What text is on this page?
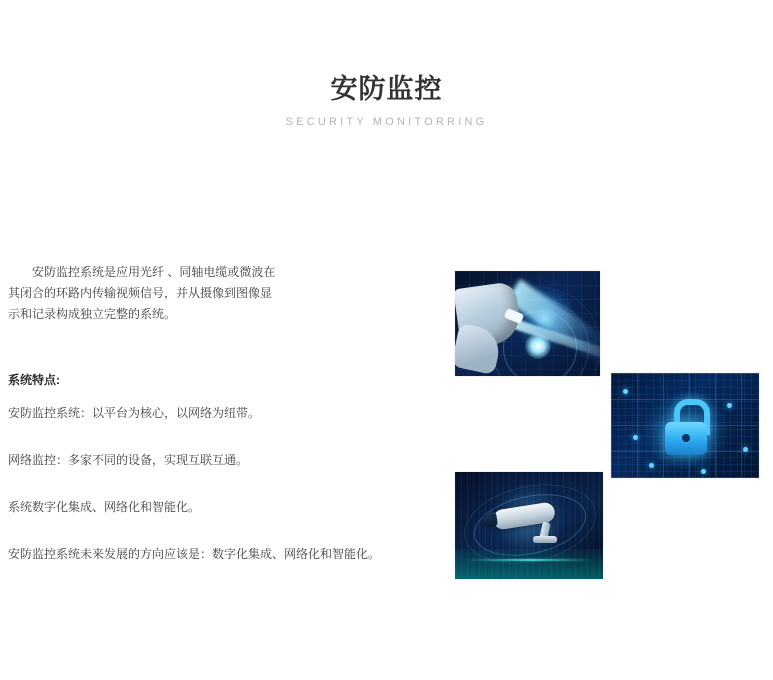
安防监控
SECURITY MONITORRING

安防监控系统是应用光纤 、同轴电缆或微波在其闭合的环路内传输视频信号，并从摄像到图像显示和记录构成独立完整的系统。

系统特点:

安防监控系统：以平台为核心，以网络为纽带。

网络监控：多家不同的设备，实现互联互通。

系统数字化集成、网络化和智能化。

安防监控系统未来发展的方向应该是：数字化集成、网络化和智能化。
